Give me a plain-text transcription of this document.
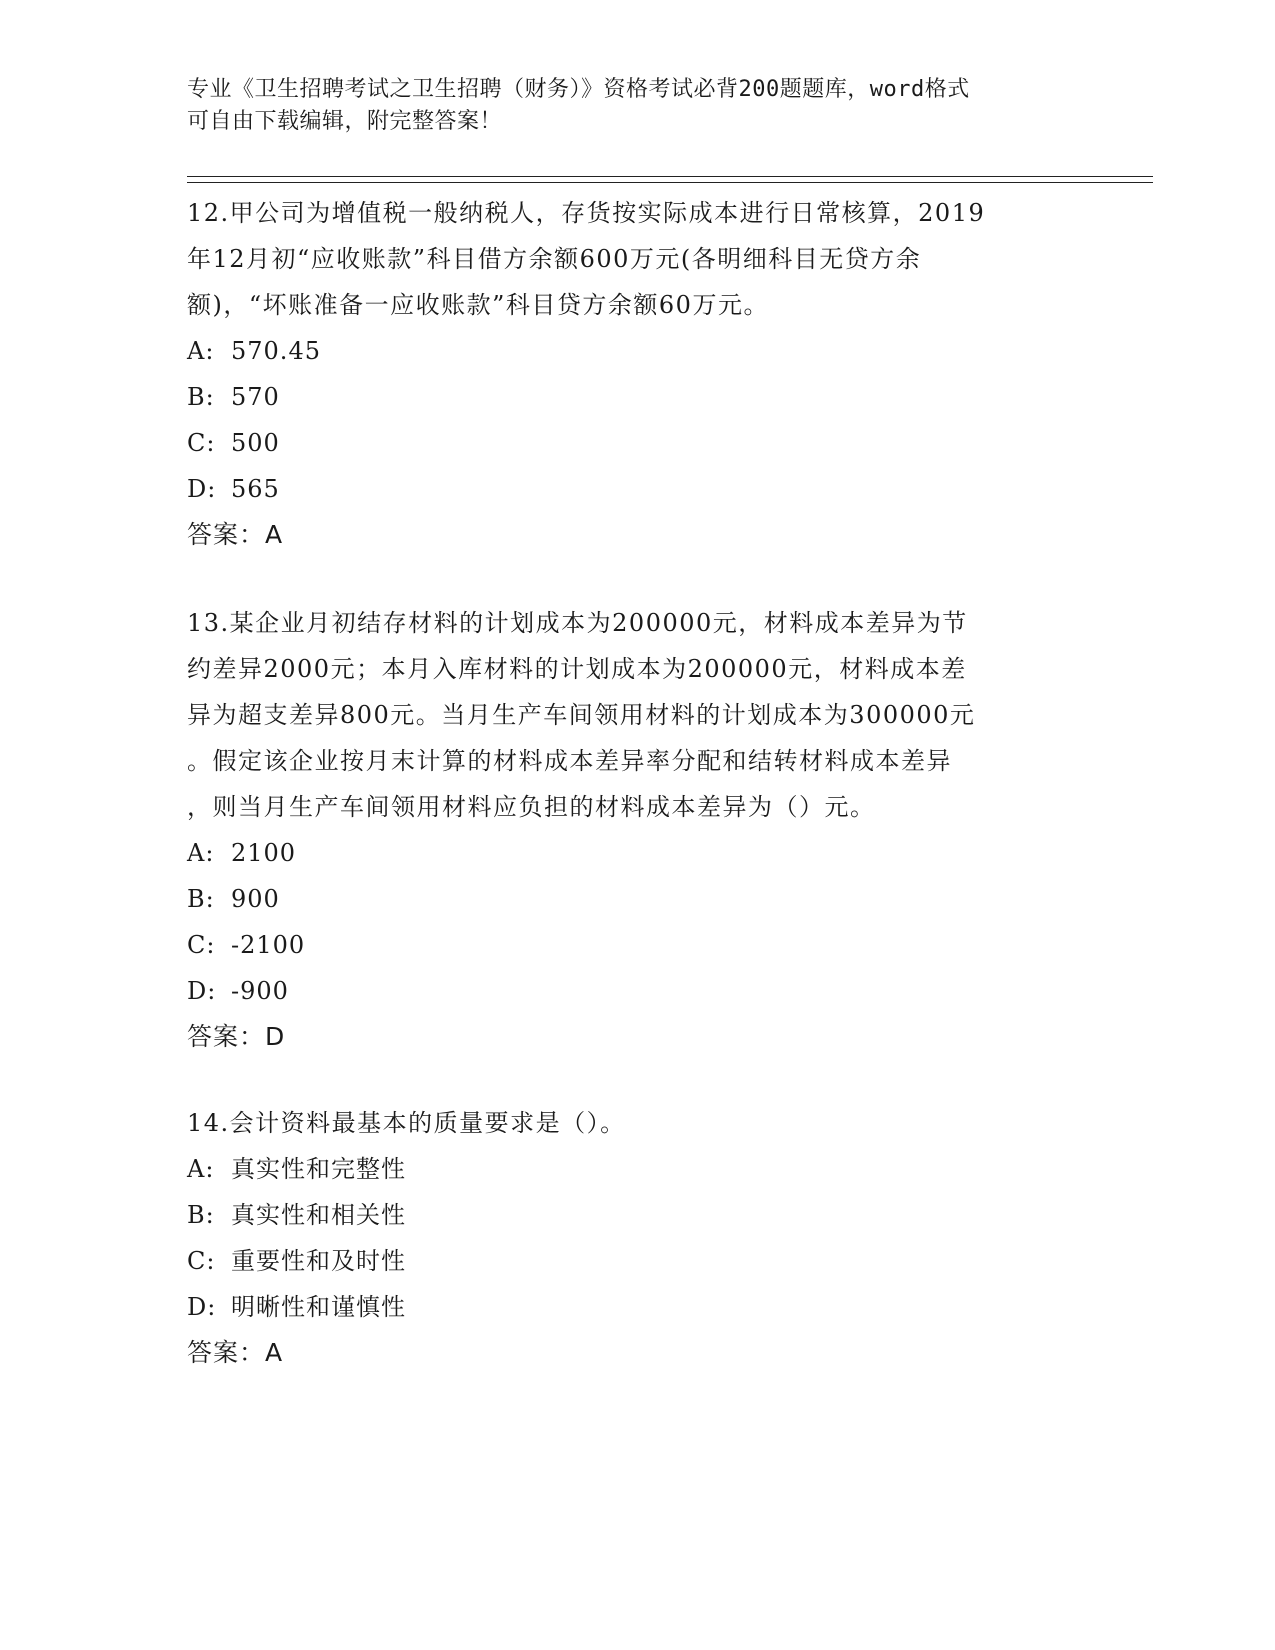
专业《卫生招聘考试之卫生招聘（财务）》资格考试必背200题题库，word格式
可自由下载编辑，附完整答案！
12.甲公司为增值税一般纳税人，存货按实际成本进行日常核算，2019
年12月初“应收账款”科目借方余额600万元(各明细科目无贷方余
额)，“坏账准备一应收账款”科目贷方余额60万元。
A: 570.45
B: 570
C: 500
D: 565
答案：A
13.某企业月初结存材料的计划成本为200000元，材料成本差异为节
约差异2000元；本月入库材料的计划成本为200000元，材料成本差
异为超支差异800元。当月生产车间领用材料的计划成本为300000元
。假定该企业按月末计算的材料成本差异率分配和结转材料成本差异
，则当月生产车间领用材料应负担的材料成本差异为（）元。
A: 2100
B: 900
C: -2100
D: -900
答案：D
14.会计资料最基本的质量要求是（）。
A: 真实性和完整性
B: 真实性和相关性
C: 重要性和及时性
D: 明晰性和谨慎性
答案：A
